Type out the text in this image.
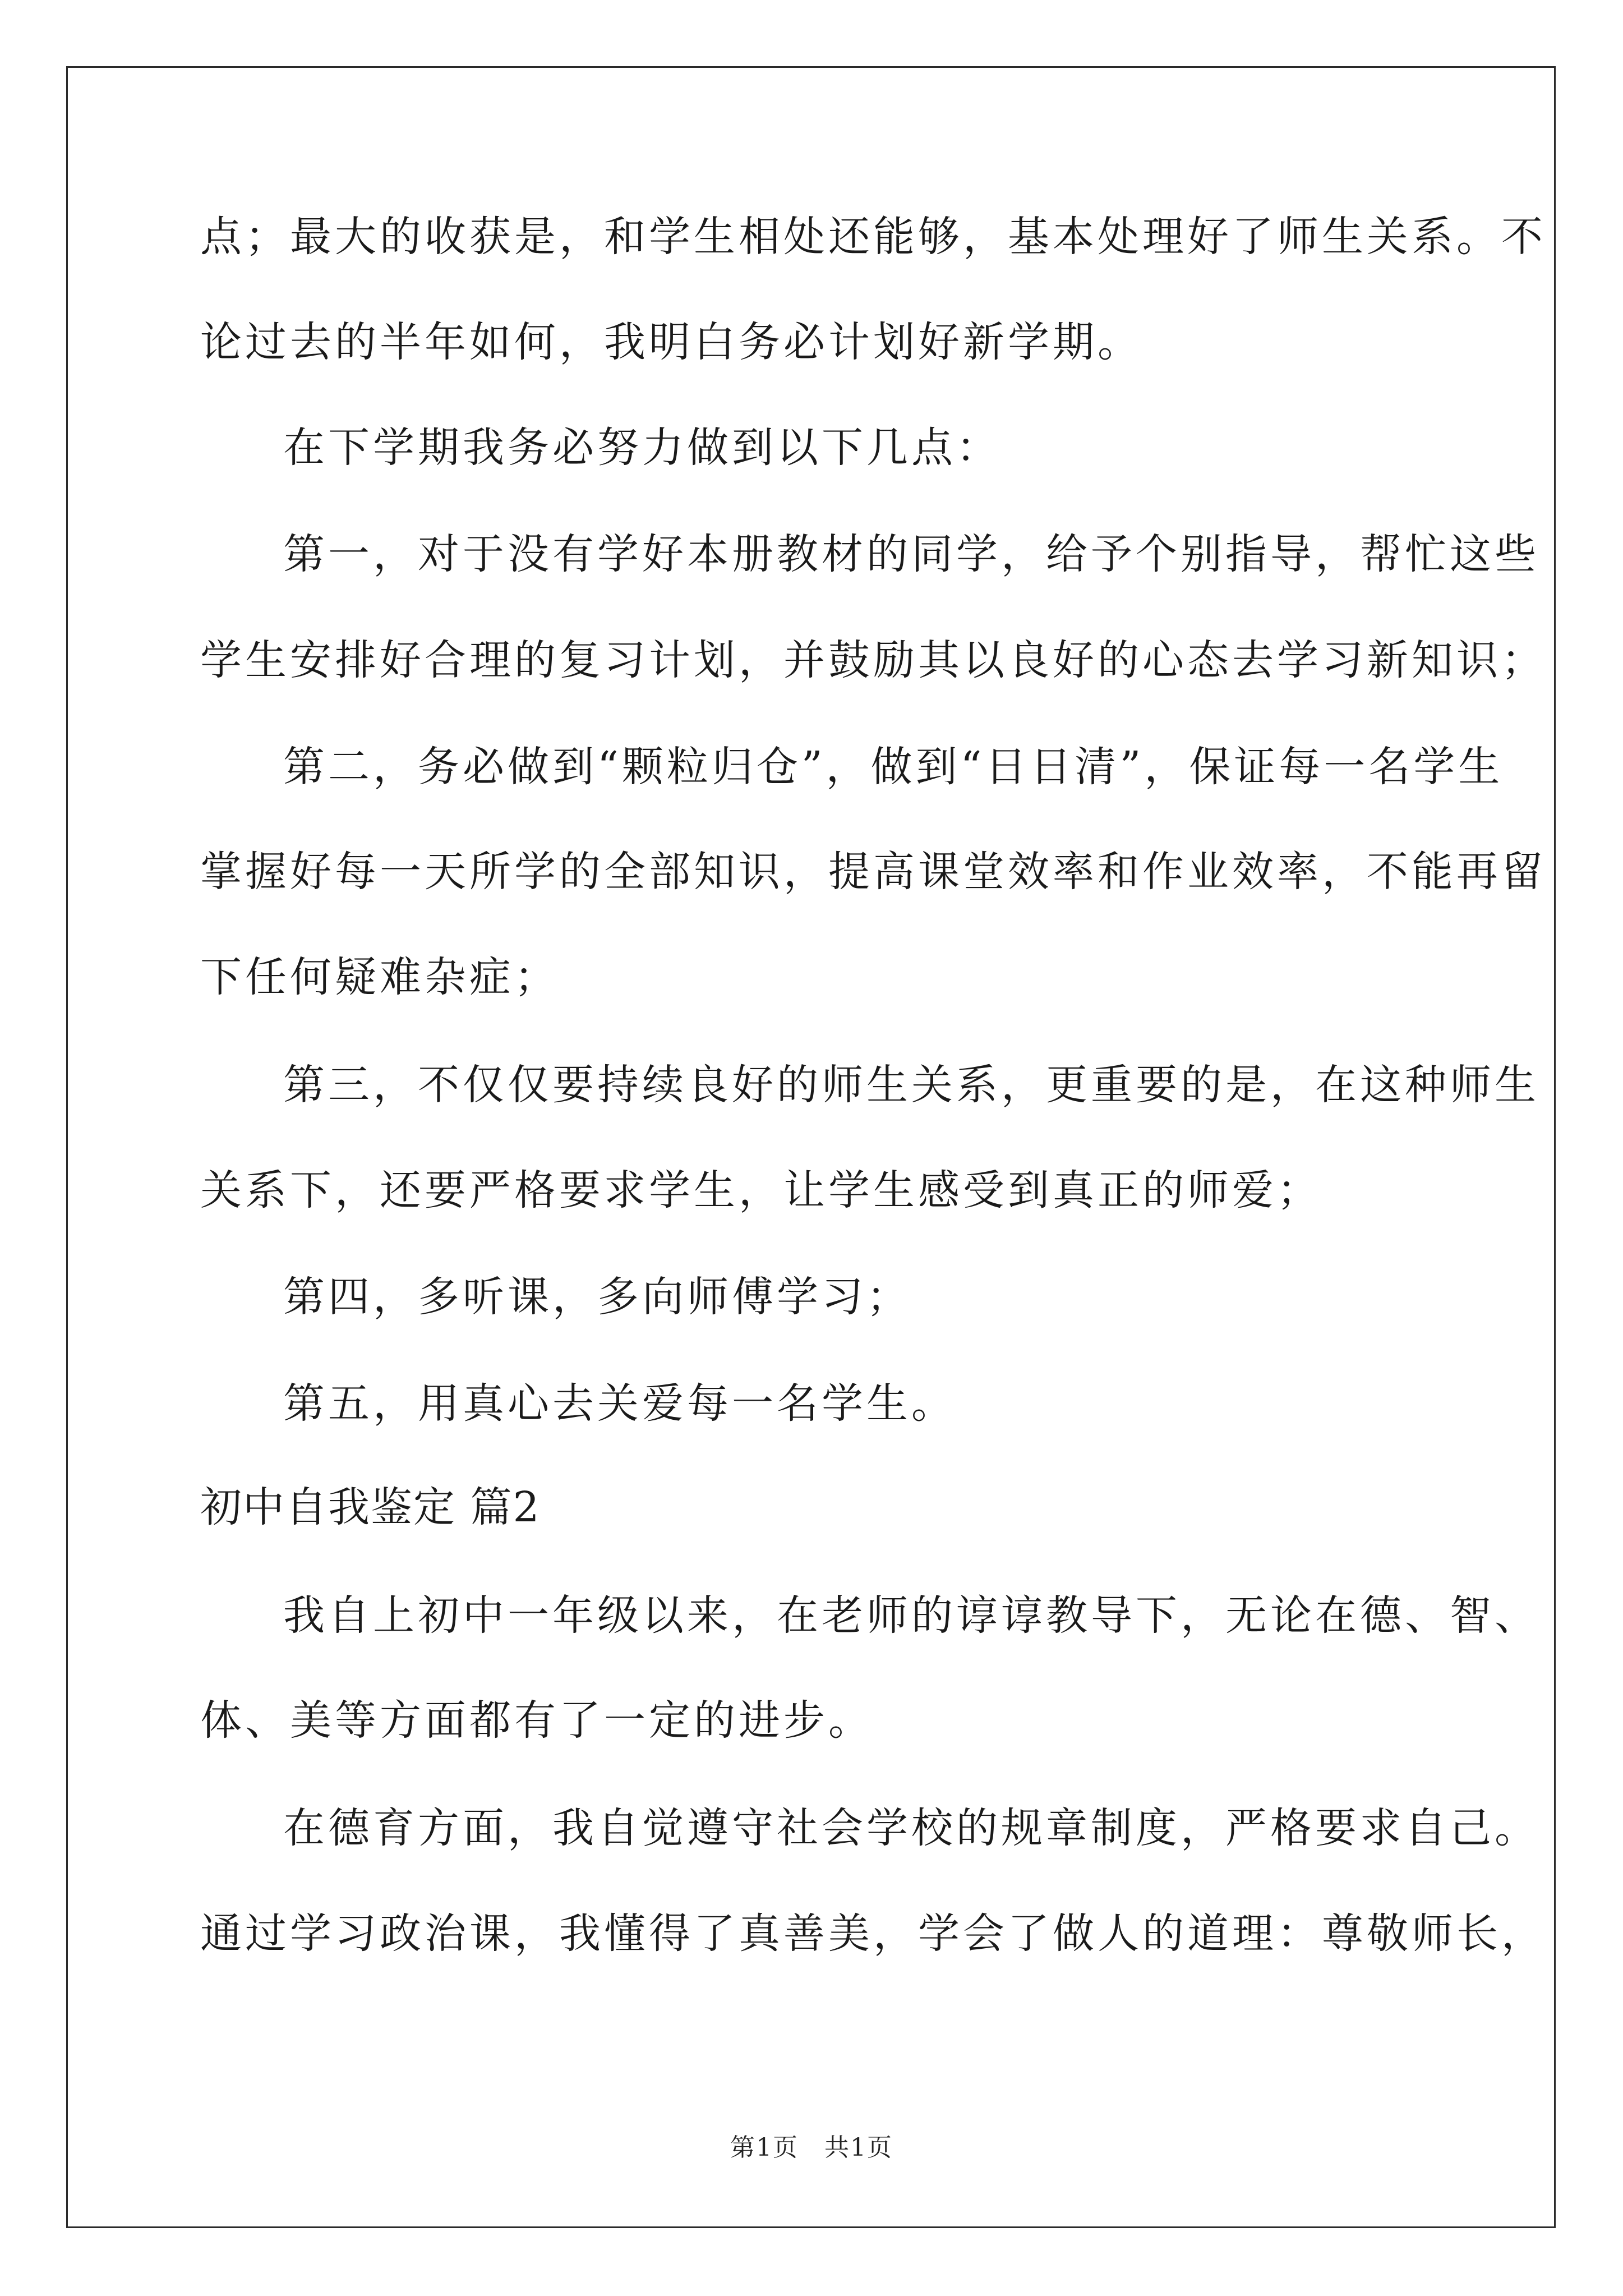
点；最大的收获是，和学生相处还能够，基本处理好了师生关系。不
论过去的半年如何，我明白务必计划好新学期。
在下学期我务必努力做到以下几点：
第一，对于没有学好本册教材的同学，给予个别指导，帮忙这些
学生安排好合理的复习计划，并鼓励其以良好的心态去学习新知识；
第二，务必做到“颗粒归仓”，做到“日日清”，保证每一名学生
掌握好每一天所学的全部知识，提高课堂效率和作业效率，不能再留
下任何疑难杂症；
第三，不仅仅要持续良好的师生关系，更重要的是，在这种师生
关系下，还要严格要求学生，让学生感受到真正的师爱；
第四，多听课，多向师傅学习；
第五，用真心去关爱每一名学生。
初中自我鉴定 篇2
我自上初中一年级以来，在老师的谆谆教导下，无论在德、智、
体、美等方面都有了一定的进步。
在德育方面，我自觉遵守社会学校的规章制度，严格要求自己。
通过学习政治课，我懂得了真善美，学会了做人的道理：尊敬师长，
第1页　共1页
